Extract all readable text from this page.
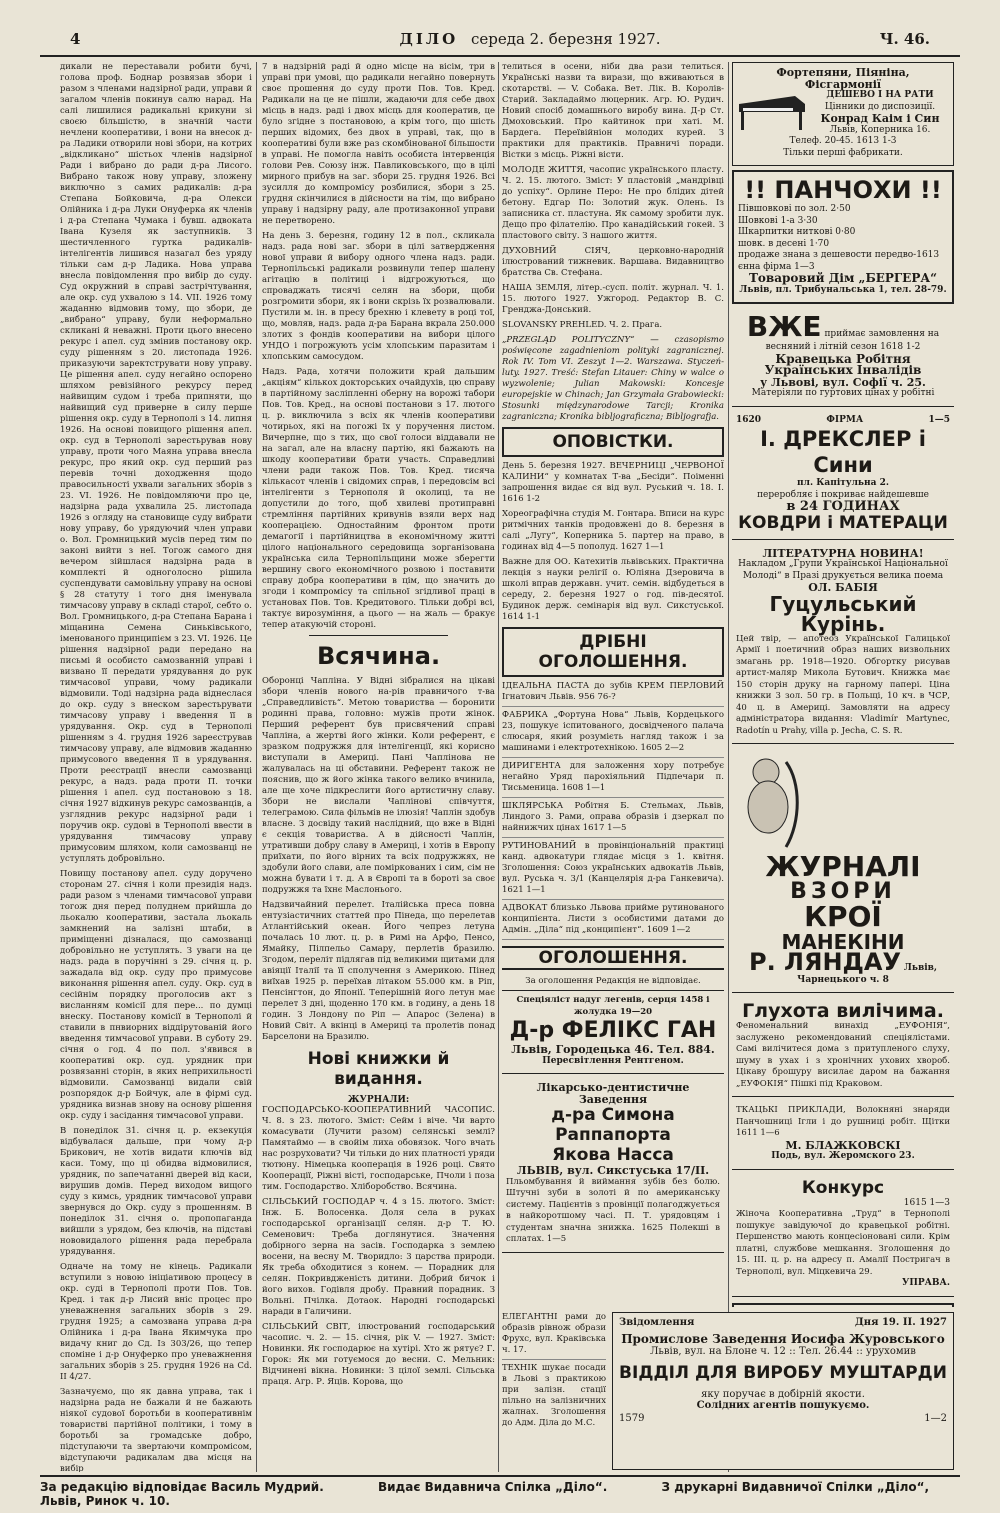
4	ДІЛО середа 2. березня 1927.	Ч. 46.

дикали не переставали робити бучі, голова проф. Боднар розвязав збори і разом з членами надзірної ради, управи й загалом членів покинув салю нарад. На салі лишилися радикальні крикуни зі своєю більшістю, в значній части нечлени кооперативи, і вони на внесок д-ра Ладики отворили нові збори, на котрих „відкликано“ шістьох членів надзірної Ради і вибрано до ради д-ра Лисого. Вибрано також нову управу, зложену виключно з самих радикалів: д-ра Степана Бойковича, д-ра Олекси Олійника і д-ра Луки Онуферка як членів і д-ра Степана Чумака і бувш. адвоката Івана Кузеля як заступників. З шестичленного гуртка радикалів-інтелігентів лишився назагал без уряду тільки сам д-р Ладика. Нова управа внесла повідомлення про вибір до суду. Суд окружний в справі застрічтування, але окр. суд ухвалою з 14. VII. 1926 тому жаданню відмовив тому, що збори, де „вибрано“ управу, були неформально скликані й неважні. Проти цього внесено рекурс і апел. суд змінив постанову окр. суду рішенням з 20. листопада 1926. приказуючи заректструвати нову управу. Це рішення апел. суду негайно оспорено шляхом ревізійного рекурсу перед найвищим судом і треба припняти, що найвищий суд приверне в силу перше рішення окр. суду в Тернополі з 14. липня 1926. На основі повищого рішення апел. окр. суд в Тернополі зарестьрував нову управу, проти чого Маяна управа внесла рекурс, про який окр. суд перший раз перевів точні доходження щодо правосильності ухвали загальних зборів з 23. VI. 1926. Не повідомляючи про це, надзірна рада ухвалила 25. листопада 1926 з огляду на становище суду вибрати нову управу, бо урядуючий член управи о. Вол. Громницький мусів перед тим по законі вийти з неї. Тогож самого дня вечером зійшлася надзірна рада в комплекті й одноголосно рішила суспендувати самовільну управу на основі § 28 статуту і того дня іменувала тимчасову управу в складі старої, себто о. Вол. Громницького, д-ра Степана Барана і міщанина Семена Синьківського, іменованого принципієм з 23. VI. 1926. Це рішення надзірної ради передано на письмі й особисто самозванній управі і визвано її передати урядування до рук тимчасової управи, чому радикали відмовили. Тоді надзірна рада віднеслася до окр. суду з внеском зарестьрувати тимчасову управу і введення її в урядування. Окр. суд в Тернополі рішенням з 4. грудня 1926 зареєстрував тимчасову управу, але відмовив жаданню примусового введення її в урядування. Проти реєстрації внесли самозванці рекурс, а надз. рада проти П. точки рішення і апел. суд постановою з 18. січня 1927 відкинув рекурс самозванців, а узгляднив рекурс надзірної ради і поручив окр. судові в Тернополі ввести в урядування тимчасову управу примусовим шляхом, коли самозванці не уступлять добровільно.

Повищу постанову апел. суду доручено сторонам 27. січня і коли президія надз. ради разом з членами тимчасової управи тогож дня перед полуднем прийшла до льокалю кооперативи, застала льокаль замкнений на залізні штаби, в приміщенні дізналася, що самозванці добровільно не уступлять. З уваги на це надз. рада в поручінні з 29. січня ц. р. зажадала від окр. суду про примусове виконання рішення апел. суду. Окр. суд в сесійнім порядку проголосив акт з висланням комісії для пере... по думці внеску. Постанову комісії в Тернополі й ставили в пнвиорних віддірутованій його введення тимчасової управи. В суботу 29. січня о год. 4 по пол. з'явився в кооперативі окр. суд. урядник при розвязанні сторін, в яких неприхильності відмовили. Самозванці видали свій розпорядок д-р Бойчук, але в фірмі суд. урядника визнав знову на основу рішення окр. суду і засідання тимчасової управи.

В понеділок 31. січня ц. р. екзекуція відбувалася дальше, при чому д-р Брикович, не хотів видати ключів від каси. Тому, що ці обидва відмовилися, урядник, по запечатанні дверей від каси, вирушив домів. Перед виходом вищого суду з кимсь, урядник тимчасової управи звернувся до Окр. суду з прошенням. В понеділок 31. січня о. пропопаганда вийшли з урядом, без ключів, на підставі нововидалого рішення рада перебрала урядування.

Одначе на тому не кінець. Радикали вступили з новою ініціативою процесу в окр. суді в Тернополі проти Пов. Тов. Кред. і так д-р Лисий вніс процес про уневажнення загальних зборів з 29. грудня 1925; а самозвана управа д-ра Олійника і д-ра Івана Якимчука про видачу книг до Сд. Із 303/26, що тепер споміне і д-р Онуферко про уневажнення загальних зборів з 25. грудня 1926 на Cd. II 4/27.

Зазначуємо, що як давна управа, так і надзірна рада не бажали й не бажають ніякої судової боротьби в кооперативнім товаристві партійної політики, і тому в боротьбі за громадське добро, підступаючи та звертаючи компромісом, відступаючи радикалам два місця на вибір

7 в надзірній раді й одно місце на вісім, три в управі при умові, що радикали негайно повернуть своє прошення до суду проти Пов. Тов. Кред. Радикали на це не пішли, жадаючи для себе двох місць в надз. раді і двох місць для кооператив, це було згідне з постановою, а крім того, що шість перших відомих, без двох в управі, так, що в кооперативі були вже раз скомбінованої більшости в управі. Не помогла навіть особиста інтервенція голови Рев. Союзу інж. Павликовського, що в цілі мирного прибув на заг. збори 25. грудня 1926. Всі зусилля до компромісу розбилися, збори з 25. грудня скінчилися в дійсности на тім, що вибрано управу і надзірну раду, але протизаконної управи не перетворено.

На день 3. березня, годину 12 в пол., скликала надз. рада нові заг. збори в цілі затвердження нової управи й вибору одного члена надз. ради. Тернопільські радикали розвинули тепер шалену агітацію в політиці і відгрожуються, що спроваджать тисячі селян на збори, щоби розгромити збори, як і вони скрізь їх розвалювали. Пустили м. ін. в пресу брехню і клевету в році тої, що, мовляв, надз. рада д-ра Барана вкрала 250.000 злотих з фондів кооперативи на вибори цілого УНДО і погрожують усім хлопським паразитам і хлопським самосудом.

Надз. Рада, хотячи положити край дальшим „акціям“ кількох докторських очайдухів, цю справу в партійному засліпленні оберну на ворожі табори Пов. Тов. Кред., на основі постанови з 17. лютого ц. р. виключила з всіх як членів кооперативи чотирьох, які на погожі їх у поручення листом. Вичерпне, що з тих, що свої голоси віддавали не на загал, але на власну партію, які бажають на шкоду кооперативи брати участь. Справедливі члени ради також Пов. Тов. Кред. тисяча кількасот членів і свідомих справ, і передовсім всі інтелігенти з Тернополя й околиці, та не допустили до того, щоб хвилеві протиправні стремління партійних кривунів взяли верх над кооперацією. Одностайним фронтом проти демагогії і партійництва в економічному житті цілого національного середовища зорганізована українська сила Тернопільщини може зберегти вершину свого економічного розвою і поставити справу добра кооперативи в цім, що значить до згоди і компромісу та спільної згідливої праці в установах Пов. Тов. Кредитового. Тільки добрі всі, тактує вирозуміння, а цього — на жаль — бракує тепер атакуючій стороні.

Всячина.

Оборонці Чапліна. У Відні зібралися на цікаві збори членів нового на-рів правничого т-ва „Справедливість“. Метою товариства — боронити родинні права, головно: мужів проти жінок. Перший референт був присвячений справі Чапліна, а жертві його жінки. Коли референт, є зразком подружжя для інтелігенції, які корисно виступали в Америці. Пані Чаплінова не жалувалась на ці обставини. Референт також не пояснив, що ж його жінка такого велико вчинила, але ще хоче підкреслити його артистичну славу. Збори не вислали Чаплінові співчуття, телеграмою. Сила фільмів не ілюзія! Чаплін здобув власне. З досвіду такий наслідний, що вже в Відні є секція товариства. А в дійсності Чаплін, утративши добру славу в Америці, і хотів в Европу приїхати, по його вірних та всіх подружжях, не здобули його слави, але поміркованих і сим, сім не можна бувати і т. д. А в Європі та в бороті за своє подружжя та їхнє Маслонього.

Надзвичайний перелет. Італійська преса повна ентузіастичних статтей про Пінеда, що перелетав Атлантійський океан. Його чепрез летуна почалась 10 лют. ц. р. в Римі на Арфо, Пенсо, Ямайку, Пілпельо Самару, перлетів бразилю. Згодом, переліт підлягав під великими щитами для авіяції Італії та її сполучення з Америкою. Пінед виїхав 1925 р. переїхав літаком 55.000 км. в Ріп, Пенсінгтон, до Японії. Теперішній його летун має перелет 3 дні, щоденно 170 км. в годину, а день 18 годин. З Лондону по Ріп — Апарос (Зелена) в Новий Світ. А вкінці в Америці та пролетів понад Барселони на Бразилю.

Нові книжки й видання.
ЖУРНАЛИ:

ГОСПОДАРСЬКО-КООПЕРАТИВНИЙ ЧАСОПИС. Ч. 8. з 23. лютого. Зміст: Сейм і віче. Чи варто комасувати (Лучити разом) селянські землі? Памятаймо — в свойім лиха обовязок. Чого вчать нас розруховати? Чи тільки до них платності уряди тютюну. Німецька кооперація в 1926 році. Свято Кооперації, Ріжні вісті, господарське, Пчоли і поза тим. Господарство. Хліборобство. Всячина.

СІЛЬСЬКИЙ ГОСПОДАР ч. 4 з 15. лютого. Зміст: Інж. Б. Волосенка. Доля села в руках господарської організації селян. д-р Т. Ю. Семенович: Треба доглянутися. Значення добірного зерна на засів. Господарка з землею восени, на весну М. Творидло: 3 царства природи. Як треба обходитися з конем. — Порадник для селян. Покривдженість дитини. Добрий бичок і його вихов. Годівля дробу. Правний порадник. З Вольні. Пчілка. Дотаок. Народні господарські наради в Галичини.

СІЛЬСЬКИЙ СВІТ, ілюстрований господарський часопис. ч. 2. — 15. січня, рік V. — 1927. Зміст: Новинки. Як господарює на хутірі. Хто ж рятує? Г. Горок: Як ми готуємося до весни. С. Мельник: Відчинені вікна. Новинки: З цілої землі. Сільська праця. Агр. Р. Яців. Корова, що

телиться в осени, ніби два рази телиться. Українські назви та вирази, що вживаються в скотарстві. — V. Собака. Вет. Лік. В. Королів-Старий. Закладаймо люцерник. Агр. Ю. Рудич. Новий спосіб домашнього виробу вина. Д-р Ст. Дмоховський. Про кайтинок при хаті. М. Бардега. Переївійніон молодих курей. З практики для практиків. Правничі поради. Вістки з місць. Ріжні вісти.

МОЛОДЕ ЖИТТЯ, часопис українського пласту. Ч. 2. 15. лютого. Зміст: У пластовій „мандрівці до успіху“. Орлине Перо: Не про блідих дітей бетону. Едгар По: Золотий жук. Олень. Із записника ст. пластуна. Як самому зробити лук. Дещо про філателію. Про канадійський гокей. З пластового світу. З нашого життя.

ДУХОВНИЙ СІЯЧ, церковно-народній ілюстрований тижневик. Варшава. Видавництво братства Св. Стефана.

НАША ЗЕМЛЯ, літер.-сусп. політ. журнал. Ч. 1. 15. лютого 1927. Ужгород. Редактор В. С. Гренджа-Донський.

SLOVANSKY PREHLED. Ч. 2. Прага.

„PRZEGLĄD POLITYCZNY“ — czasopismo poświęcone zagadnieniom polityki zagranicznej. Rok IV. Tom VI. Zeszyt 1—2. Warszawa. Styczeń-luty. 1927. Treść: Stefan Litauer: Chiny w walce o wyzwolenie; Julian Makowski: Koncesje europejskie w Chinach; Jan Grzymała Grabowiecki: Stosunki międzynarodowe Tarcji; Kronika zagraniczna; Kronika bibljograficzna; Bibljografja.

ОПОВІСТКИ.

День 5. березня 1927. ВЕЧЕРНИЦІ „ЧЕРВОНОЇ КАЛИНИ“ у комнатах Т-ва „Бесіди“. Поіменні запрошення видає ся від вул. Руський ч. 18. І. 1616 1-2

Хореографічна студія М. Гонтара. Вписи на курс ритмічних танків продовжені до 8. березня в салі „Лугу“, Коперника 5. партер на право, в годинах від 4—5 пополуд. 1627 1—1

Важне для ОО. Катехитів львівських. Практична лекція з науки релігії о. Юліяна Дзерoвича в школі вправ державн. учит. семін. відбудеться в середу, 2. березня 1927 о год. пів-десятої. Будинок держ. семінарія від вул. Сикстуської. 1614 1-1

ДРІБНІ ОГОЛОШЕННЯ.

ІДЕАЛЬНА ПАСТА до зубів КРЕМ ПЕРЛОВИЙ Ігнатович Львів. 956 76-?

ФАБРИКА „Фортуна Нова“ Львів, Кордецького 23, пошукує іспитованого, досвідченого палача слюсаря, який розумієть нагляд також і за машинами і електротехнікою. 1605 2—2

ДИРИГЕНТА для заложення хору потребує негайно Уряд парохіяльний Підпечари п. Тисьменица. 1608 1—1

ШКЛЯРСЬКА Робітня Б. Стельмах, Львів, Линдого 3. Рами, оправа образів і дзеркал по найнижчих цінах 1617 1—5

РУТИНОВАНИЙ в провінціональній практиці канд. адвокатури глядає місця з 1. квітня. Зголошення: Союз українських адвокатів Львів, вул. Руська ч. 3/1 (Канцелярія д-ра Ганкевича). 1621 1—1

АДВОКАТ близько Львова прийме рутинованого конципієнта. Листи з особистими датами до Адмін. „Діла“ під „конципієнт“. 1609 1—2

ОГОЛОШЕННЯ.
За оголошення Редакція не відповідає.
Спеціяліст надуг легенів, серця 1458 і жолудка 19—20
Д-р ФЕЛІКС ГАН
Львів, Городецька 46. Тел. 884.
Пересвітлення Рентгеном.
Лікарсько-дентистичне Заведення
д-ра Симона Раппапорта
Якова Насса
ЛЬВІВ, вул. Сикстуська 17/II.
Пльомбування й виймання зубів без болю. Штучні зуби в золоті й по американську систему. Пацієнтів з провінції полагоджується в найкоротшому часі. П. Т. урядовцям і студентам значна знижка. 1625 Полекші в сплатах. 1—5
Фортепяни, Піяніна, Фісгармонії
ДЕШЕВО І НА РАТИ
Цінники до диспозиції.
Конрад Каім і Син
Львів, Коперника 16.
Телеф. 20-45. 1613 1-3
Тільки перші фабрикати.
!! ПАНЧОХИ !!
Півшовкові по зол. 2·50
Шовкові 1-а 3·30
Шкарпитки ниткові 0·80
шовк. в десені 1·70
продаже знана з дешевости передво-1613 єнна фірма 1—3
Товаровий Дім „БЕРГЕРА“
Львів, пл. Трибунальська 1, тел. 28-79.
ВЖЕ приймає замовлення на весняний і літній сезон 1618 1-2
Кравецька Робітня Українських Інвалідів
у Львові, вул. Софії ч. 25.
Матеріяли по гуртових цінах у робітні
1620	ФІРМА	1—5
І. ДРЕКСЛЕР і Сини
пл. Капітульна 2.
переробляє і покриває найдешевше
в 24 ГОДИНАХ
КОВДРИ і МАТЕРАЦИ
ЛІТЕРАТУРНА НОВИНА!
Накладом „Групи Української Національної Молоді“ в Празі друкується велика поема
ОЛ. БАБІЯ
Гуцульський Курінь.
Цей твір, — апотеоз Української Галицької Армії і поетичний образ наших визвольних змагань рр. 1918—1920. Обгортку рисував артист-маляр Микола Бутович. Книжка має 150 сторін друку на гарному папері. Ціна книжки 3 зол. 50 гр. в Польщі, 10 кч. в ЧСР, 40 ц. в Америці. Замовляти на адресу адміністратора видання: Vladimír Martynec, Radotín u Prahy, villa p. Jecha, C. S. R.
ЖУРНАЛІ
ВЗОРИ
КРОЇ
МАНЕКІНИ
Р. ЛЯНДАУ Львів, Чарнецького ч. 8
Глухота вилічима.
Феноменальний винахід „ЕУФОНІЯ“, заслужено рекомендований спеціялістами. Самі вилічитеся дома з притупленого слуху, шуму в ухах і з хронічних ухових хвороб. Цікаву брошуру висилає даром на бажання „ЕУФОКІЯ“ Пішкі під Краковом.
ТКАЦЬКІ ПРИКЛАДИ, Волокняні знаряди Панчошниці Ігли і до рушниці робіт. Щітки 1611 1—6
М. БЛАЖКОВСКІ
Подь, вул. Жеромского 23.
Конкурс
1615 1—3
Жіноча Кооперативна „Труд“ в Тернополі пошукує завідуючої до кравецької робітні. Першенство мають концесіоновані сили. Крім платні, службове мешкання. Зголошення до 15. III. ц. р. на адресу п. Амалії Постригач в Тернополі, вул. Міцкевича 29.
УПРАВА.

ЕЛЕГАНТНІ рами до образів рівнож образи Фрухс, вул. Кракiвська ч. 17.

ТЕХНІК шукає посади в Льові з практикою при залізн. стації пільно на залізничних жалнах. Зголошення до Адм. Діла до М.С.

Звідомлення	Дня 19. II. 1927
Промислове Заведення Иосифа Журовського
Львів, вул. на Блоне ч. 12 :: Тел. 26.44 :: урухомив
ВІДДІЛ ДЛЯ ВИРОБУ МУШТАРДИ
яку поручає в добірній якости.
Солідних агентів пошукуємо.
1579	1—2
За редакцію відповідає Василь Мудрий.	Видає Видавнича Спілка „Діло“.	З друкарні Видавничої Спілки „Діло“, Львів, Ринок ч. 10.
